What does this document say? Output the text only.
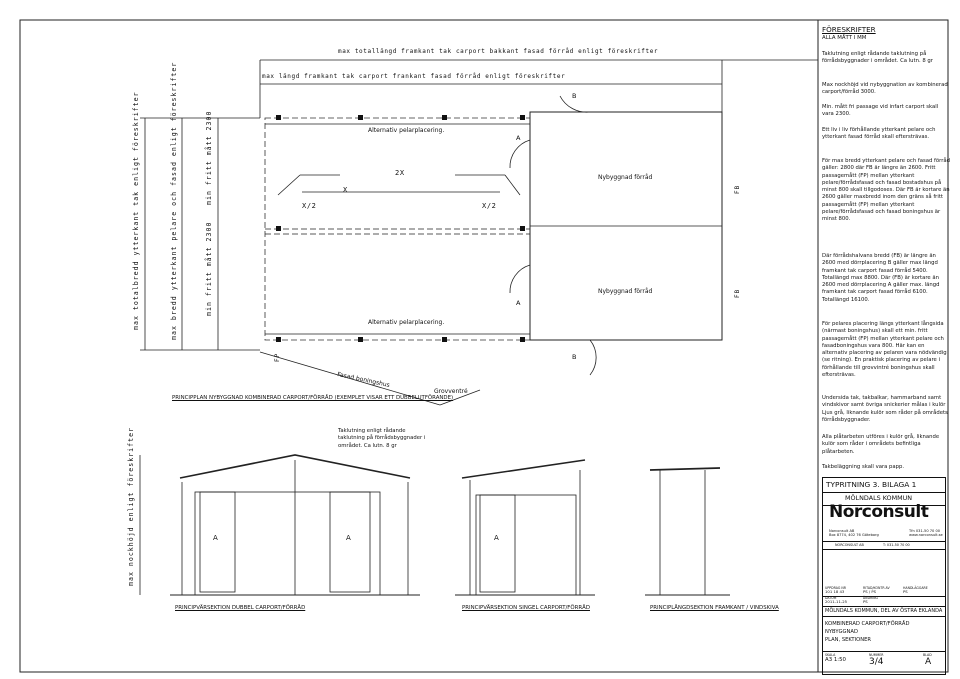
max totallängd framkant tak carport bakkant fasad förråd enligt föreskrifter
max längd framkant tak carport frankant fasad förråd enligt föreskrifter
max totalbredd ytterkant tak enligt föreskrifter	max bredd ytterkant pelare och fasad enligt föreskrifter	min fritt mått 2300
min fritt mått 2300
Alternativ pelarplacering.
Alternativ pelarplacering.
2X
X
X/2	X/2
A
A
B
B
Nybyggnad förråd
Nybyggnad förråd
FB
FB
FP
Fasad boningshus
Grovventré
PRINCIPPLAN NYBYGGNAD KOMBINERAD CARPORT/FÖRRÅD (EXEMPLET VISAR ETT DUBBELUTFÖRANDE)
Taklutning enligt rådande taklutning på förrådsbyggnader i området. Ca lutn. 8 gr
max nockhöjd enligt föreskrifter	A	A	A
PRINCIPVÄRSEKTION DUBBEL CARPORT/FÖRRÅD	PRINCIPVÄRSEKTION SINGEL CARPORT/FÖRRÅD	PRINCIPLÅNGDSEKTION FRAMKANT / VINDSKIVA
FÖRESKRIFTER
ALLA MÅTT I MM
Taklutning enligt rådande taklutning på förrådsbyggnader i området. Ca lutn. 8 gr
Max nockhöjd vid nybyggnation av kombinerad carport/förråd 3000.
Min. mått fri passage vid infart carport skall vara 2300.
Ett liv i liv förhållande ytterkant pelare och ytterkant fasad förråd skall eftersträvas.
För max bredd ytterkant pelare och fasad förråd gäller: 2800 där FB är längre än 2600. Fritt passagemått (FP) mellan ytterkant pelare/förrådsfasad och fasad bostadshus på minst 800 skall tillgodoses. Där FB är kortare än 2600 gäller maxbredd inom den gräns så fritt passagemått (FP) mellan ytterkant pelare/förrådsfasad och fasad boningshus är minst 800.
Där förrådshalvans bredd (FB) är längre än 2600 med dörrplacering B gäller max längd framkant tak carport fasad förråd 5400. Totallängd max 8800. Där (FB) är kortare än 2600 med dörrplacering A gäller max. längd framkant tak carport fasad förråd 6100. Totallängd 16100.
För pelares placering längs ytterkant långsida (närmast boningshus) skall ett min. fritt passagemått (FP) mellan ytterkant pelare och fasadboningshus vara 800. Här kan en alternativ placering av pelaren vara nödvändig (se ritning). En praktisk placering av pelare i förhållande till grovvintré boningshus skall eftersträvas.
Undersida tak, takbalkar, hammarband samt vindskivor samt övriga snickerier målas i kulör Ljus grå, liknande kulör som råder på områdets förrådsbyggnader.
Alla plåtarbeten utföres i kulör grå, liknande kulör som råder i områdets befintliga plåtarbeten.
Takbeläggning skall vara papp.
TYPRITNING 3. BILAGA 1
MÖLNDALS KOMMUN
Norconsult
Norconsult AB
Box 8774, 402 76 Göteborg
Tfn 031-50 70 00
www.norconsult.se
NORCONSULT AB	T: 031-50 70 00
UPPDRAG NR
101 18 43
RITAD/KONTR AV
PS / PS
HANDLÄGGARE
PS
DATUM
2011-11-25
ÄNDRING
PS
MÖLNDALS KOMMUN, DEL AV ÖSTRA EKLANDA
KOMBINERAD CARPORT/FÖRRÅD
NYBYGGNAD
PLAN, SEKTIONER
SKALA
A3 1:50
NUMMER
3/4
BLAD
A
